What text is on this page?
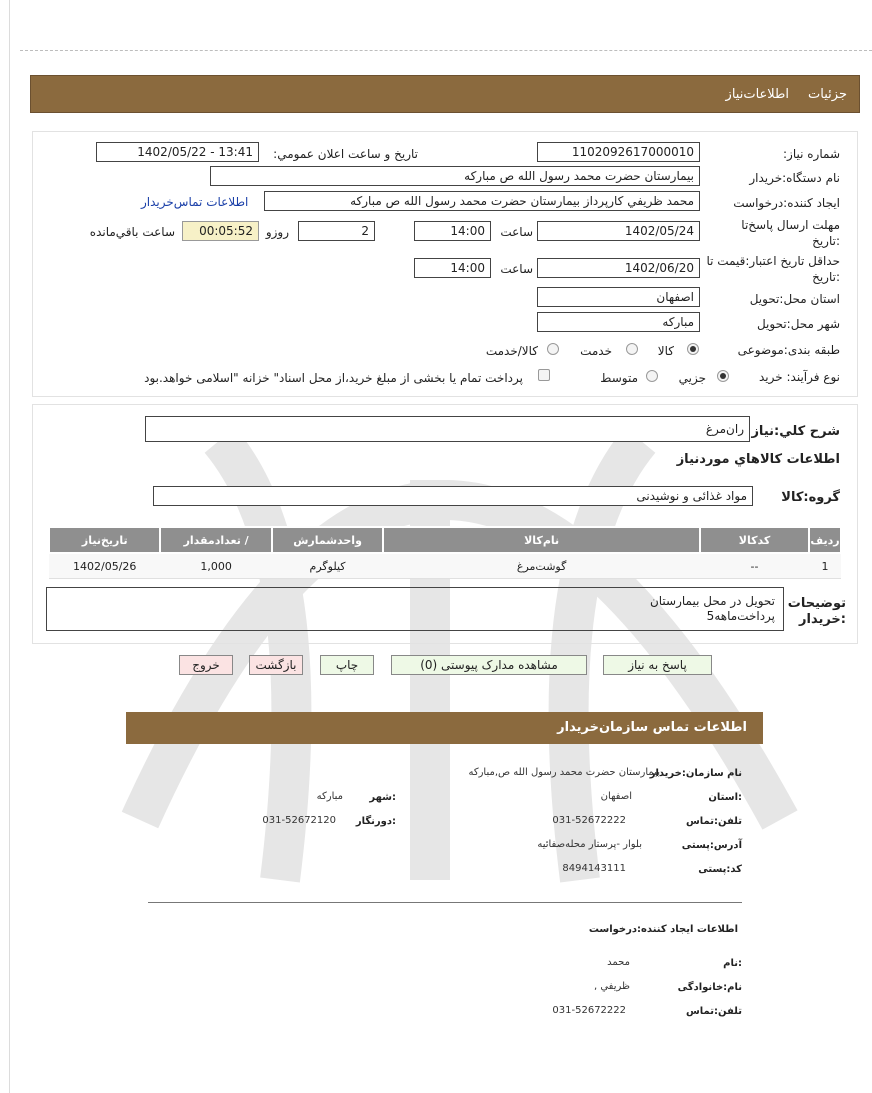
جزئیات
اطلاعات‌نیاز
شماره نیاز:
1102092617000010
تاریخ و ساعت اعلان عمومي:
1402/05/22 - 13:41
نام دستگاه:خریدار
بیمارستان حضرت محمد رسول الله ص مبارکه
ایجاد کننده:درخواست
محمد ظریفي کارپرداز بیمارستان حضرت محمد رسول الله ص مبارکه
اطلاعات تماس‌خریدار
مهلت ارسال پاسخ‌تا :تاریخ
1402/05/24
ساعت
14:00
2
روزو
00:05:52
ساعت باقي‌مانده
حداقل تاریخ اعتبار:قیمت تا :تاریخ
1402/06/20
ساعت
14:00
استان محل:تحویل
اصفهان
شهر محل:تحویل
مبارکه
طبقه بندی:موضوعی
کالا
خدمت
کالا/خدمت
نوع فرآیند: خرید
جزیي
متوسط
پرداخت تمام یا بخشی از مبلغ خرید،از محل اسناد" خزانه "اسلامی خواهد.بود
شرح کلي:نیاز
ران‌مرغ
اطلاعات کالاهاي موردنیاز
گروه:کالا
مواد غذائی و نوشیدنی
ردیف	کدکالا	نام‌کالا	واحدشمارش	/ تعدادمقدار	تاریخ‌نیاز
1	--	گوشت‌مرغ	کیلوگرم	1,000	1402/05/26
توضیحات :خریدار
تحویل در محل بیمارستان
پرداخت‌ماهه5
پاسخ به نیاز
مشاهده مدارک پیوستی (0)
چاپ
بازگشت
خروج
اطلاعات تماس سازمان‌خریدار
نام سازمان:خریدار
بیمارستان حضرت محمد رسول الله ص,مبارکه
:استان
اصفهان
:شهر
مبارکه
تلفن:تماس
031-52672222
:دورنگار
031-52672120
آدرس:پستی
بلوار -پرستار محله‌صفائیه
کد:پستی
8494143111
اطلاعات ایجاد کننده:درخواست
:نام
محمد
نام:خانوادگی
ظریفي ,
تلفن:تماس
031-52672222
